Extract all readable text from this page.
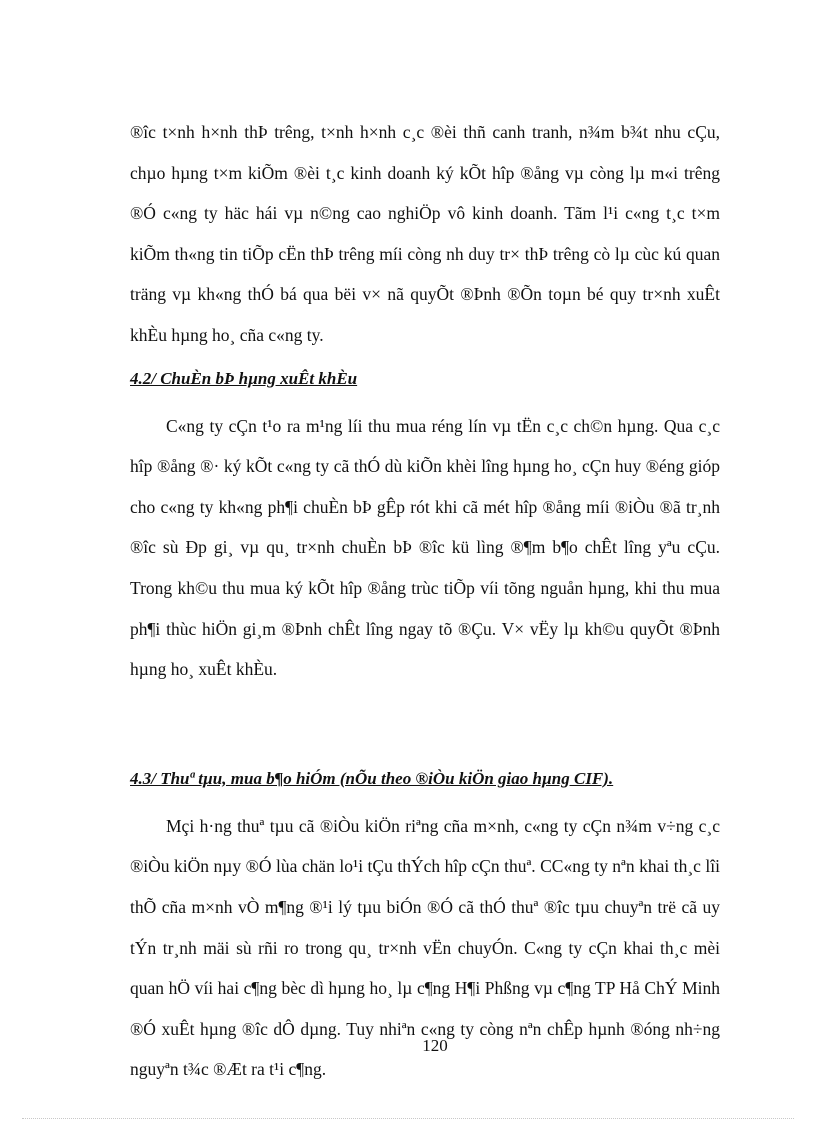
®îc t×nh h×nh thÞ trêng, t×nh h×nh c¸c ®èi thñ canh tranh, n¾m b¾t nhu cÇu, chµo hµng t×m kiÕm ®èi t¸c kinh doanh ký kÕt hîp ®ång vµ còng lµ m«i trêng ®Ó c«ng ty häc hái vµ n©ng cao nghiÖp vô kinh doanh. Tãm l¹i c«ng t¸c t×m kiÕm th«ng tin tiÕp cËn thÞ trêng míi còng nh duy tr× thÞ trêng cò lµ cùc kú quan träng vµ kh«ng thÓ bá qua bëi v× nã quyÕt ®Þnh ®Õn toµn bé quy tr×nh xuÊt khÈu hµng ho¸ cña c«ng ty.

4.2/ ChuÈn bÞ hµng xuÊt khÈu

C«ng ty cÇn t¹o ra m¹ng líi thu mua réng lín vµ tËn c¸c ch©n hµng. Qua c¸c hîp ®ång ®· ký kÕt c«ng ty cã thÓ dù kiÕn khèi lîng hµng ho¸ cÇn huy ®éng gióp cho c«ng ty kh«ng ph¶i chuÈn bÞ gÊp rót khi cã mét hîp ®ång míi ®iÒu ®ã tr¸nh ®îc sù Ðp gi¸ vµ qu¸ tr×nh chuÈn bÞ ®îc kü lìng ®¶m b¶o chÊt lîng yªu cÇu. Trong kh©u thu mua ký kÕt hîp ®ång trùc tiÕp víi tõng nguån hµng, khi thu mua ph¶i thùc hiÖn gi¸m ®Þnh chÊt lîng ngay tõ ®Çu. V× vËy lµ kh©u quyÕt ®Þnh hµng ho¸ xuÊt khÈu.

4.3/ Thuª tµu, mua b¶o hiÓm (nÕu theo ®iÒu kiÖn giao hµng CIF).

Mçi h·ng thuª tµu cã ®iÒu kiÖn riªng cña m×nh, c«ng ty cÇn n¾m v÷ng c¸c ®iÒu kiÖn nµy ®Ó lùa chän lo¹i tÇu thÝch hîp cÇn thuª. CC«ng ty nªn khai th¸c lîi thÕ cña m×nh vÒ m¶ng ®¹i lý tµu biÓn ®Ó cã thÓ thuª ®îc tµu chuyªn trë cã uy tÝn tr¸nh mäi sù rñi ro trong qu¸ tr×nh vËn chuyÓn. C«ng ty cÇn khai th¸c mèi quan hÖ víi hai c¶ng bèc dì hµng ho¸ lµ c¶ng H¶i Phßng vµ c¶ng TP Hå ChÝ Minh ®Ó xuÊt hµng ®îc dÔ dµng. Tuy nhiªn c«ng ty còng nªn chÊp hµnh ®óng nh÷ng nguyªn t¾c ®Æt ra t¹i c¶ng.

120
